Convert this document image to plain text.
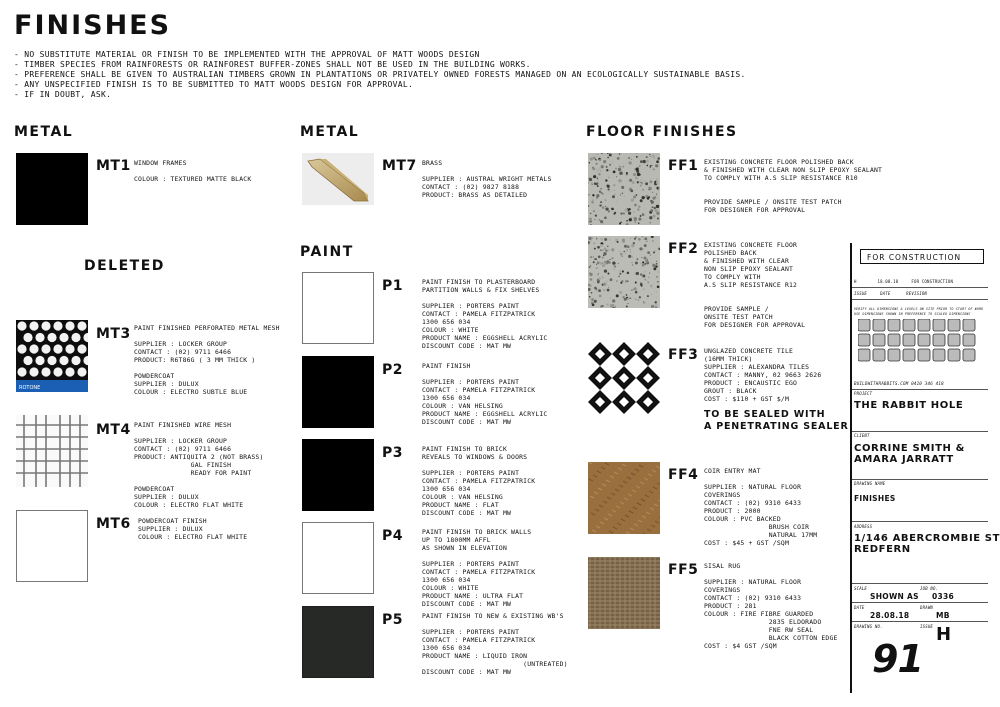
FINISHES
- NO SUBSTITUTE MATERIAL OR FINISH TO BE IMPLEMENTED WITH THE APPROVAL OF MATT WOODS DESIGN
- TIMBER SPECIES FROM RAINFORESTS OR RAINFOREST BUFFER-ZONES SHALL NOT BE USED IN THE BUILDING WORKS.
- PREFERENCE SHALL BE GIVEN TO AUSTRALIAN TIMBERS GROWN IN PLANTATIONS OR PRIVATELY OWNED FORESTS MANAGED ON AN ECOLOGICALLY SUSTAINABLE BASIS.
- ANY UNSPECIFIED FINISH IS TO BE SUBMITTED TO MATT WOODS DESIGN FOR APPROVAL.
- IF IN DOUBT, ASK.
METAL
MT1 WINDOW FRAMES

COLOUR : TEXTURED MATTE BLACK
DELETED
ROTONE
MT3 PAINT FINISHED PERFORATED METAL MESH

SUPPLIER : LOCKER GROUP
CONTACT : (02) 9711 6466
PRODUCT: R6T86G ( 3 MM THICK )

POWDERCOAT
SUPPLIER : DULUX
COLOUR : ELECTRO SUBTLE BLUE
MT4 PAINT FINISHED WIRE MESH

SUPPLIER : LOCKER GROUP
CONTACT : (02) 9711 6466
PRODUCT: ANTIQUITA 2 (NOT BRASS)
GAL FINISH
READY FOR PAINT

POWDERCOAT
SUPPLIER : DULUX
COLOUR : ELECTRO FLAT WHITE
MT6 POWDERCOAT FINISH
SUPPLIER : DULUX
COLOUR : ELECTRO FLAT WHITE
METAL
MT7 BRASS

SUPPLIER : AUSTRAL WRIGHT METALS
CONTACT : (02) 9827 8188
PRODUCT: BRASS AS DETAILED
PAINT
P1	PAINT FINISH TO PLASTERBOARD
PARTITION WALLS & FIX SHELVES

SUPPLIER : PORTERS PAINT
CONTACT : PAMELA FITZPATRICK
1300 656 034
COLOUR : WHITE
PRODUCT NAME : EGGSHELL ACRYLIC
DISCOUNT CODE : MAT MW
P2	PAINT FINISH

SUPPLIER : PORTERS PAINT
CONTACT : PAMELA FITZPATRICK
1300 656 034
COLOUR : VAN HELSING
PRODUCT NAME : EGGSHELL ACRYLIC
DISCOUNT CODE : MAT MW
P3	PAINT FINISH TO BRICK
REVEALS TO WINDOWS & DOORS

SUPPLIER : PORTERS PAINT
CONTACT : PAMELA FITZPATRICK
1300 656 034
COLOUR : VAN HELSING
PRODUCT NAME : FLAT
DISCOUNT CODE : MAT MW
P4	PAINT FINISH TO BRICK WALLS
UP TO 1800MM AFFL
AS SHOWN IN ELEVATION

SUPPLIER : PORTERS PAINT
CONTACT : PAMELA FITZPATRICK
1300 656 034
COLOUR : WHITE
PRODUCT NAME : ULTRA FLAT
DISCOUNT CODE : MAT MW
P5	PAINT FINISH TO NEW & EXISTING WB'S

SUPPLIER : PORTERS PAINT
CONTACT : PAMELA FITZPATRICK
1300 656 034
PRODUCT NAME : LIQUID IRON
(UNTREATED)
DISCOUNT CODE : MAT MW
FLOOR FINISHES
FF1 EXISTING CONCRETE FLOOR POLISHED BACK
& FINISHED WITH CLEAR NON SLIP EPOXY SEALANT
TO COMPLY WITH A.S SLIP RESISTANCE R10

PROVIDE SAMPLE / ONSITE TEST PATCH
FOR DESIGNER FOR APPROVAL
FF2 EXISTING CONCRETE FLOOR
POLISHED BACK
& FINISHED WITH CLEAR
NON SLIP EPOXY SEALANT
TO COMPLY WITH
A.S SLIP RESISTANCE R12

PROVIDE SAMPLE /
ONSITE TEST PATCH
FOR DESIGNER FOR APPROVAL
FF3 UNGLAZED CONCRETE TILE
(16MM THICK)
SUPPLIER : ALEXANDRA TILES
CONTACT : MANNY, 02 9663 2626
PRODUCT : ENCAUSTIC EGO
GROUT : BLACK
COST : $110 + GST $/M
TO BE SEALED WITH
A PENETRATING SEALER
FF4 COIR ENTRY MAT

SUPPLIER : NATURAL FLOOR
COVERINGS
CONTACT : (02) 9310 6433
PRODUCT : 2000
COLOUR : PVC BACKED
BRUSH COIR
NATURAL 17MM
COST : $45 + GST /SQM
FF5 SISAL RUG

SUPPLIER : NATURAL FLOOR
COVERINGS
CONTACT : (02) 9310 6433
PRODUCT : 281
COLOUR : FIRE FIBRE GUARDED
2835 ELDORADO
FNE RW SEAL
BLACK COTTON EDGE
COST : $4 GST /SQM
FOR CONSTRUCTION
H        18.08.18     FOR CONSTRUCTION
ISSUE     DATE      REVISION
VERIFY ALL DIMENSIONS & LEVELS ON SITE PRIOR TO START OF WORK
USE DIMENSIONS SHOWN IN PREFERENCE TO SCALED DIMENSIONS
BUILDWITHRABBITS.COM 0410 346 418
PROJECT
THE RABBIT HOLE
CLIENT
CORRINE SMITH &
AMARA JARRATT
DRAWING NAME
FINISHES
ADDRESS
1/146 ABERCROMBIE ST
REDFERN
SCALE
SHOWN AS
JOB NO.
0336
DATE
28.08.18
DRAWN
MB
DRAWING NO.	ISSUE H
91
